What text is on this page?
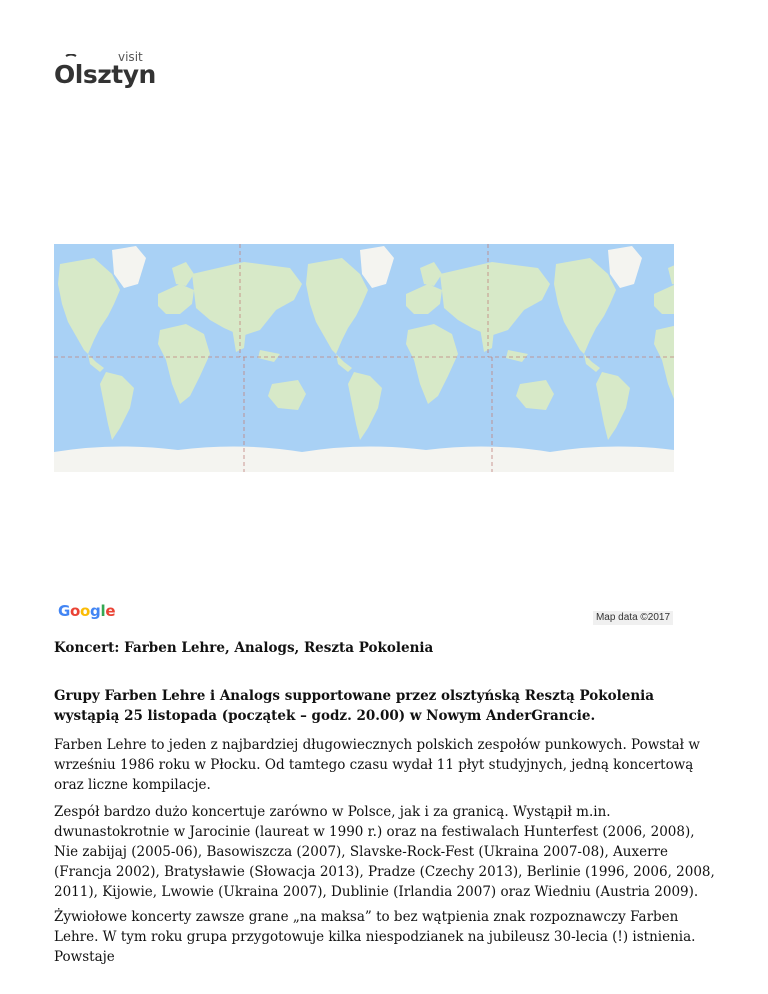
visit
Olsztyn
Google	Map data ©2017
Koncert: Farben Lehre, Analogs, Reszta Pokolenia
Grupy Farben Lehre i Analogs supportowane przez olsztyńską Resztą Pokolenia wystąpią 25 listopada (początek – godz. 20.00) w Nowym AnderGrancie.

Farben Lehre to jeden z najbardziej długowiecznych polskich zespołów punkowych. Powstał w wrześniu 1986 roku w Płocku. Od tamtego czasu wydał 11 płyt studyjnych, jedną koncertową oraz liczne kompilacje.

Zespół bardzo dużo koncertuje zarówno w Polsce, jak i za granicą. Wystąpił m.in. dwunastokrotnie w Jarocinie (laureat w 1990 r.) oraz na festiwalach Hunterfest (2006, 2008), Nie zabijaj (2005-06), Basowiszcza (2007), Slavske-Rock-Fest (Ukraina 2007-08), Auxerre (Francja 2002), Bratysławie (Słowacja 2013), Pradze (Czechy 2013), Berlinie (1996, 2006, 2008, 2011), Kijowie, Lwowie (Ukraina 2007), Dublinie (Irlandia 2007) oraz Wiedniu (Austria 2009).

Żywiołowe koncerty zawsze grane „na maksa” to bez wątpienia znak rozpoznawczy Farben Lehre. W tym roku grupa przygotowuje kilka niespodzianek na jubileusz 30-lecia (!) istnienia. Powstaje
